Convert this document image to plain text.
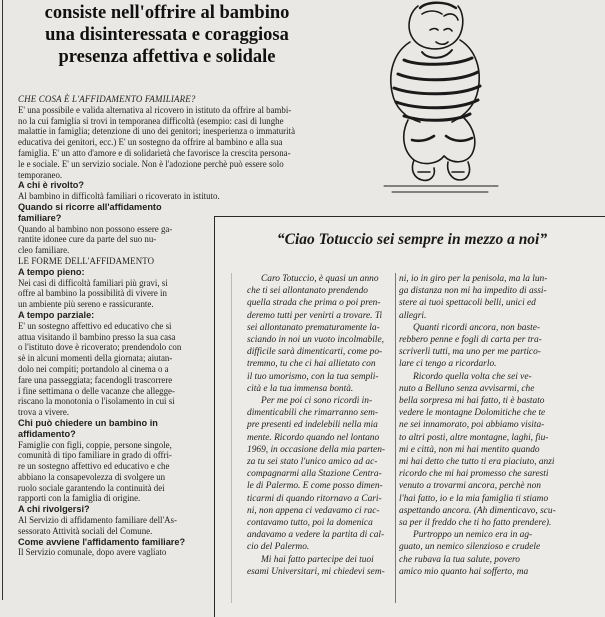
consiste nell'offrire al bambino
una disinteressata e coraggiosa
presenza affettiva e solidale
CHE COSA È L'AFFIDAMENTO FAMILIARE?
E' una possibile e valida alternativa al ricovero in istituto da offrire al bambi-
no la cui famiglia si trovi in temporanea difficoltà (esempio: casi di lunghe
malattie in famiglia; detenzione di uno dei genitori; inesperienza o immaturità
educativa dei genitori, ecc.) E' un sostegno da offrire al bambino e alla sua
famiglia. E' un atto d'amore e di solidarietà che favorisce la crescita persona-
le e sociale. E' un servizio sociale. Non è l'adozione perchè può essere solo
temporaneo.
A chi è rivolto?
Al bambino in difficoltà familiari o ricoverato in istituto.
Quando si ricorre all'affidamento
familiare?
Quando al bambino non possono essere ga-
rantite idonee cure da parte del suo nu-
cleo familiare.
LE FORME DELL'AFFIDAMENTO
A tempo pieno:
Nei casi di difficoltà familiari più gravi, si
offre al bambino la possibilità di vivere in
un ambiente più sereno e rassicurante.
A tempo parziale:
E' un sostegno affettivo ed educativo che si
attua visitando il bambino presso la sua casa
o l'istituto dove è ricoverato; prendendolo con
sè in alcuni momenti della giornata; aiutan-
dolo nei compiti; portandolo al cinema o a
fare una passeggiata; facendogli trascorrere
i fine settimana o delle vacanze che allegge-
riscano la monotonia o l'isolamento in cui si
trova a vivere.
Chi può chiedere un bambino in
affidamento?
Famiglie con figli, coppie, persone singole,
comunità di tipo familiare in grado di offri-
re un sostegno affettivo ed educativo e che
abbiano la consapevolezza di svolgere un
ruolo sociale garantendo la continuità dei
rapporti con la famiglia di origine.
A chi rivolgersi?
Al Servizio di affidamento familiare dell'As-
sessorato Attività sociali del Comune.
Come avviene l'affidamento familiare?
Il Servizio comunale, dopo avere vagliato
“Ciao Totuccio sei sempre in mezzo a noi”
Caro Totuccio, è quasi un anno
che ti sei allontanato prendendo
quella strada che prima o poi pren-
deremo tutti per venirti a trovare. Ti
sei allontanato prematuramente la-
sciando in noi un vuoto incolmabile,
difficile sarà dimenticarti, come po-
tremmo, tu che ci hai allietato con
il tuo umorismo, con la tua sempli-
cità e la tua immensa bontà.
Per me poi ci sono ricordi in-
dimenticabili che rimarranno sem-
pre presenti ed indelebili nella mia
mente. Ricordo quando nel lontano
1969, in occasione della mia parten-
za tu sei stato l'unico amico ad ac-
compagnarmi alla Stazione Centra-
le di Palermo. E come posso dimen-
ticarmi di quando ritornavo a Cari-
ni, non appena ci vedavamo ci rac-
contavamo tutto, poi la domenica
andavamo a vedere la partita di cal-
cio del Palermo.
Mi hai fatto partecipe dei tuoi
esami Universitari, mi chiedevi sem-
ni, io in giro per la penisola, ma la lun-
ga distanza non mi ha impedito di assi-
stere ai tuoi spettacoli belli, unici ed
allegri.
Quanti ricordi ancora, non baste-
rebbero penne e fogli di carta per tra-
scriverli tutti, ma uno per me partico-
lare ci tengo a ricordarlo.
Ricordo quella volta che sei ve-
nuto a Belluno senza avvisarmi, che
bella sorpresa mi hai fatto, ti è bastato
vedere le montagne Dolomitiche che te
ne sei innamorato, poi abbiamo visita-
to altri posti, altre montagne, laghi, fiu-
mi e città, non mi hai mentito quando
mi hai detto che tutto ti era piaciuto, anzi
ricordo che mi hai promesso che saresti
venuto a trovarmi ancora, perchè non
l'hai fatto, io e la mia famiglia ti stiamo
aspettando ancora. (Ah dimenticavo, scu-
sa per il freddo che ti ho fatto prendere).
Purtroppo un nemico era in ag-
guato, un nemico silenzioso e crudele
che rubava la tua salute, povero
amico mio quanto hai sofferto, ma
